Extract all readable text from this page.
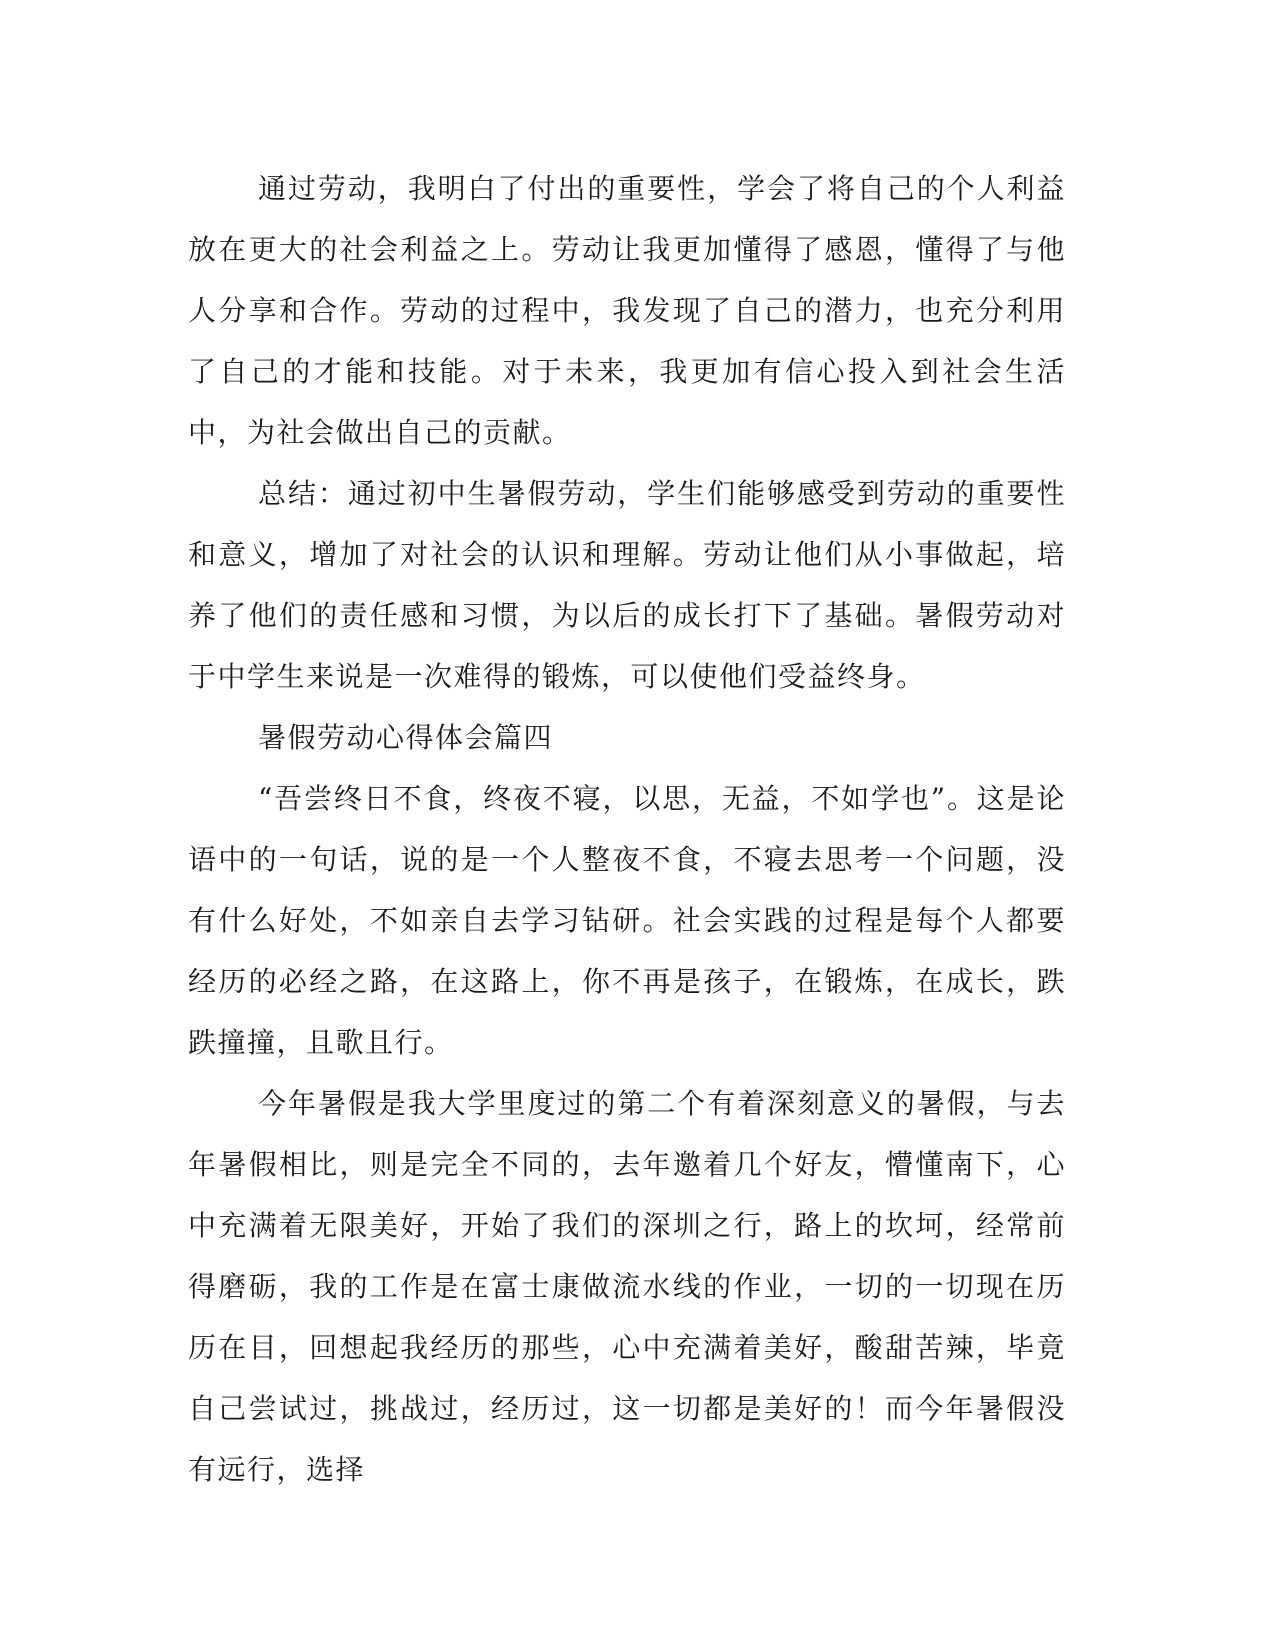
通过劳动，我明白了付出的重要性，学会了将自己的个人利益放在更大的社会利益之上。劳动让我更加懂得了感恩，懂得了与他人分享和合作。劳动的过程中，我发现了自己的潜力，也充分利用了自己的才能和技能。对于未来，我更加有信心投入到社会生活中，为社会做出自己的贡献。

总结：通过初中生暑假劳动，学生们能够感受到劳动的重要性和意义，增加了对社会的认识和理解。劳动让他们从小事做起，培养了他们的责任感和习惯，为以后的成长打下了基础。暑假劳动对于中学生来说是一次难得的锻炼，可以使他们受益终身。

暑假劳动心得体会篇四

“吾尝终日不食，终夜不寝，以思，无益，不如学也”。这是论语中的一句话，说的是一个人整夜不食，不寝去思考一个问题，没有什么好处，不如亲自去学习钻研。社会实践的过程是每个人都要经历的必经之路，在这路上，你不再是孩子，在锻炼，在成长，跌跌撞撞，且歌且行。

今年暑假是我大学里度过的第二个有着深刻意义的暑假，与去年暑假相比，则是完全不同的，去年邀着几个好友，懵懂南下，心中充满着无限美好，开始了我们的深圳之行，路上的坎坷，经常前得磨砺，我的工作是在富士康做流水线的作业，一切的一切现在历历在目，回想起我经历的那些，心中充满着美好，酸甜苦辣，毕竟自己尝试过，挑战过，经历过，这一切都是美好的！而今年暑假没有远行，选择
